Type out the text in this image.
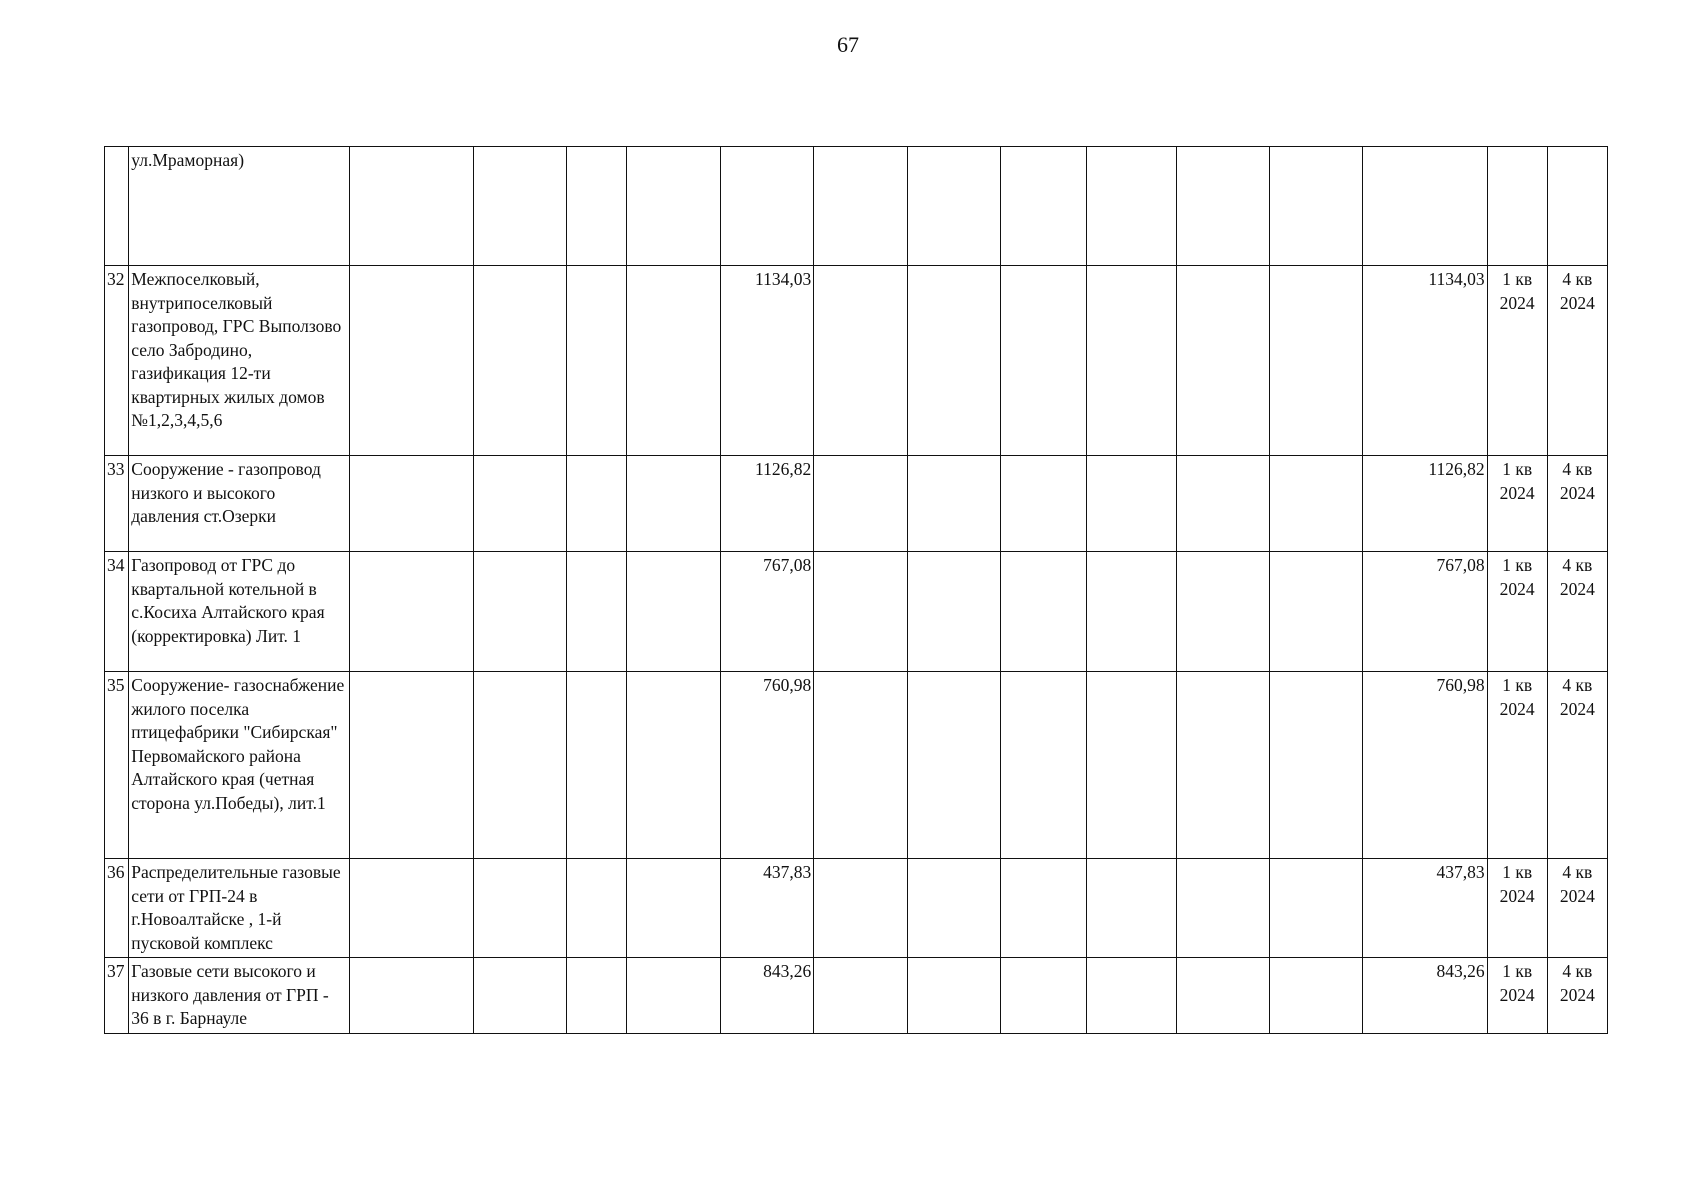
67
	ул.Мраморная)														
32	Межпоселковый, внутрипоселковый газопровод, ГРС Выползово село Забродино, газификация 12-ти квартирных жилых домов №1,2,3,4,5,6					1134,03							1134,03	1 кв 2024	4 кв 2024
33	Сооружение - газопровод низкого и высокого давления ст.Озерки					1126,82							1126,82	1 кв 2024	4 кв 2024
34	Газопровод от ГРС до квартальной котельной в с.Косиха Алтайского края (корректировка) Лит. 1					767,08							767,08	1 кв 2024	4 кв 2024
35	Сооружение- газоснабжение жилого поселка птицефабрики "Сибирская" Первомайского района Алтайского края (четная сторона ул.Победы), лит.1					760,98							760,98	1 кв 2024	4 кв 2024
36	Распределительные газовые сети от ГРП-24 в г.Новоалтайске , 1-й пусковой комплекс					437,83							437,83	1 кв 2024	4 кв 2024
37	Газовые сети высокого и низкого давления от ГРП - 36 в г. Барнауле					843,26							843,26	1 кв 2024	4 кв 2024
